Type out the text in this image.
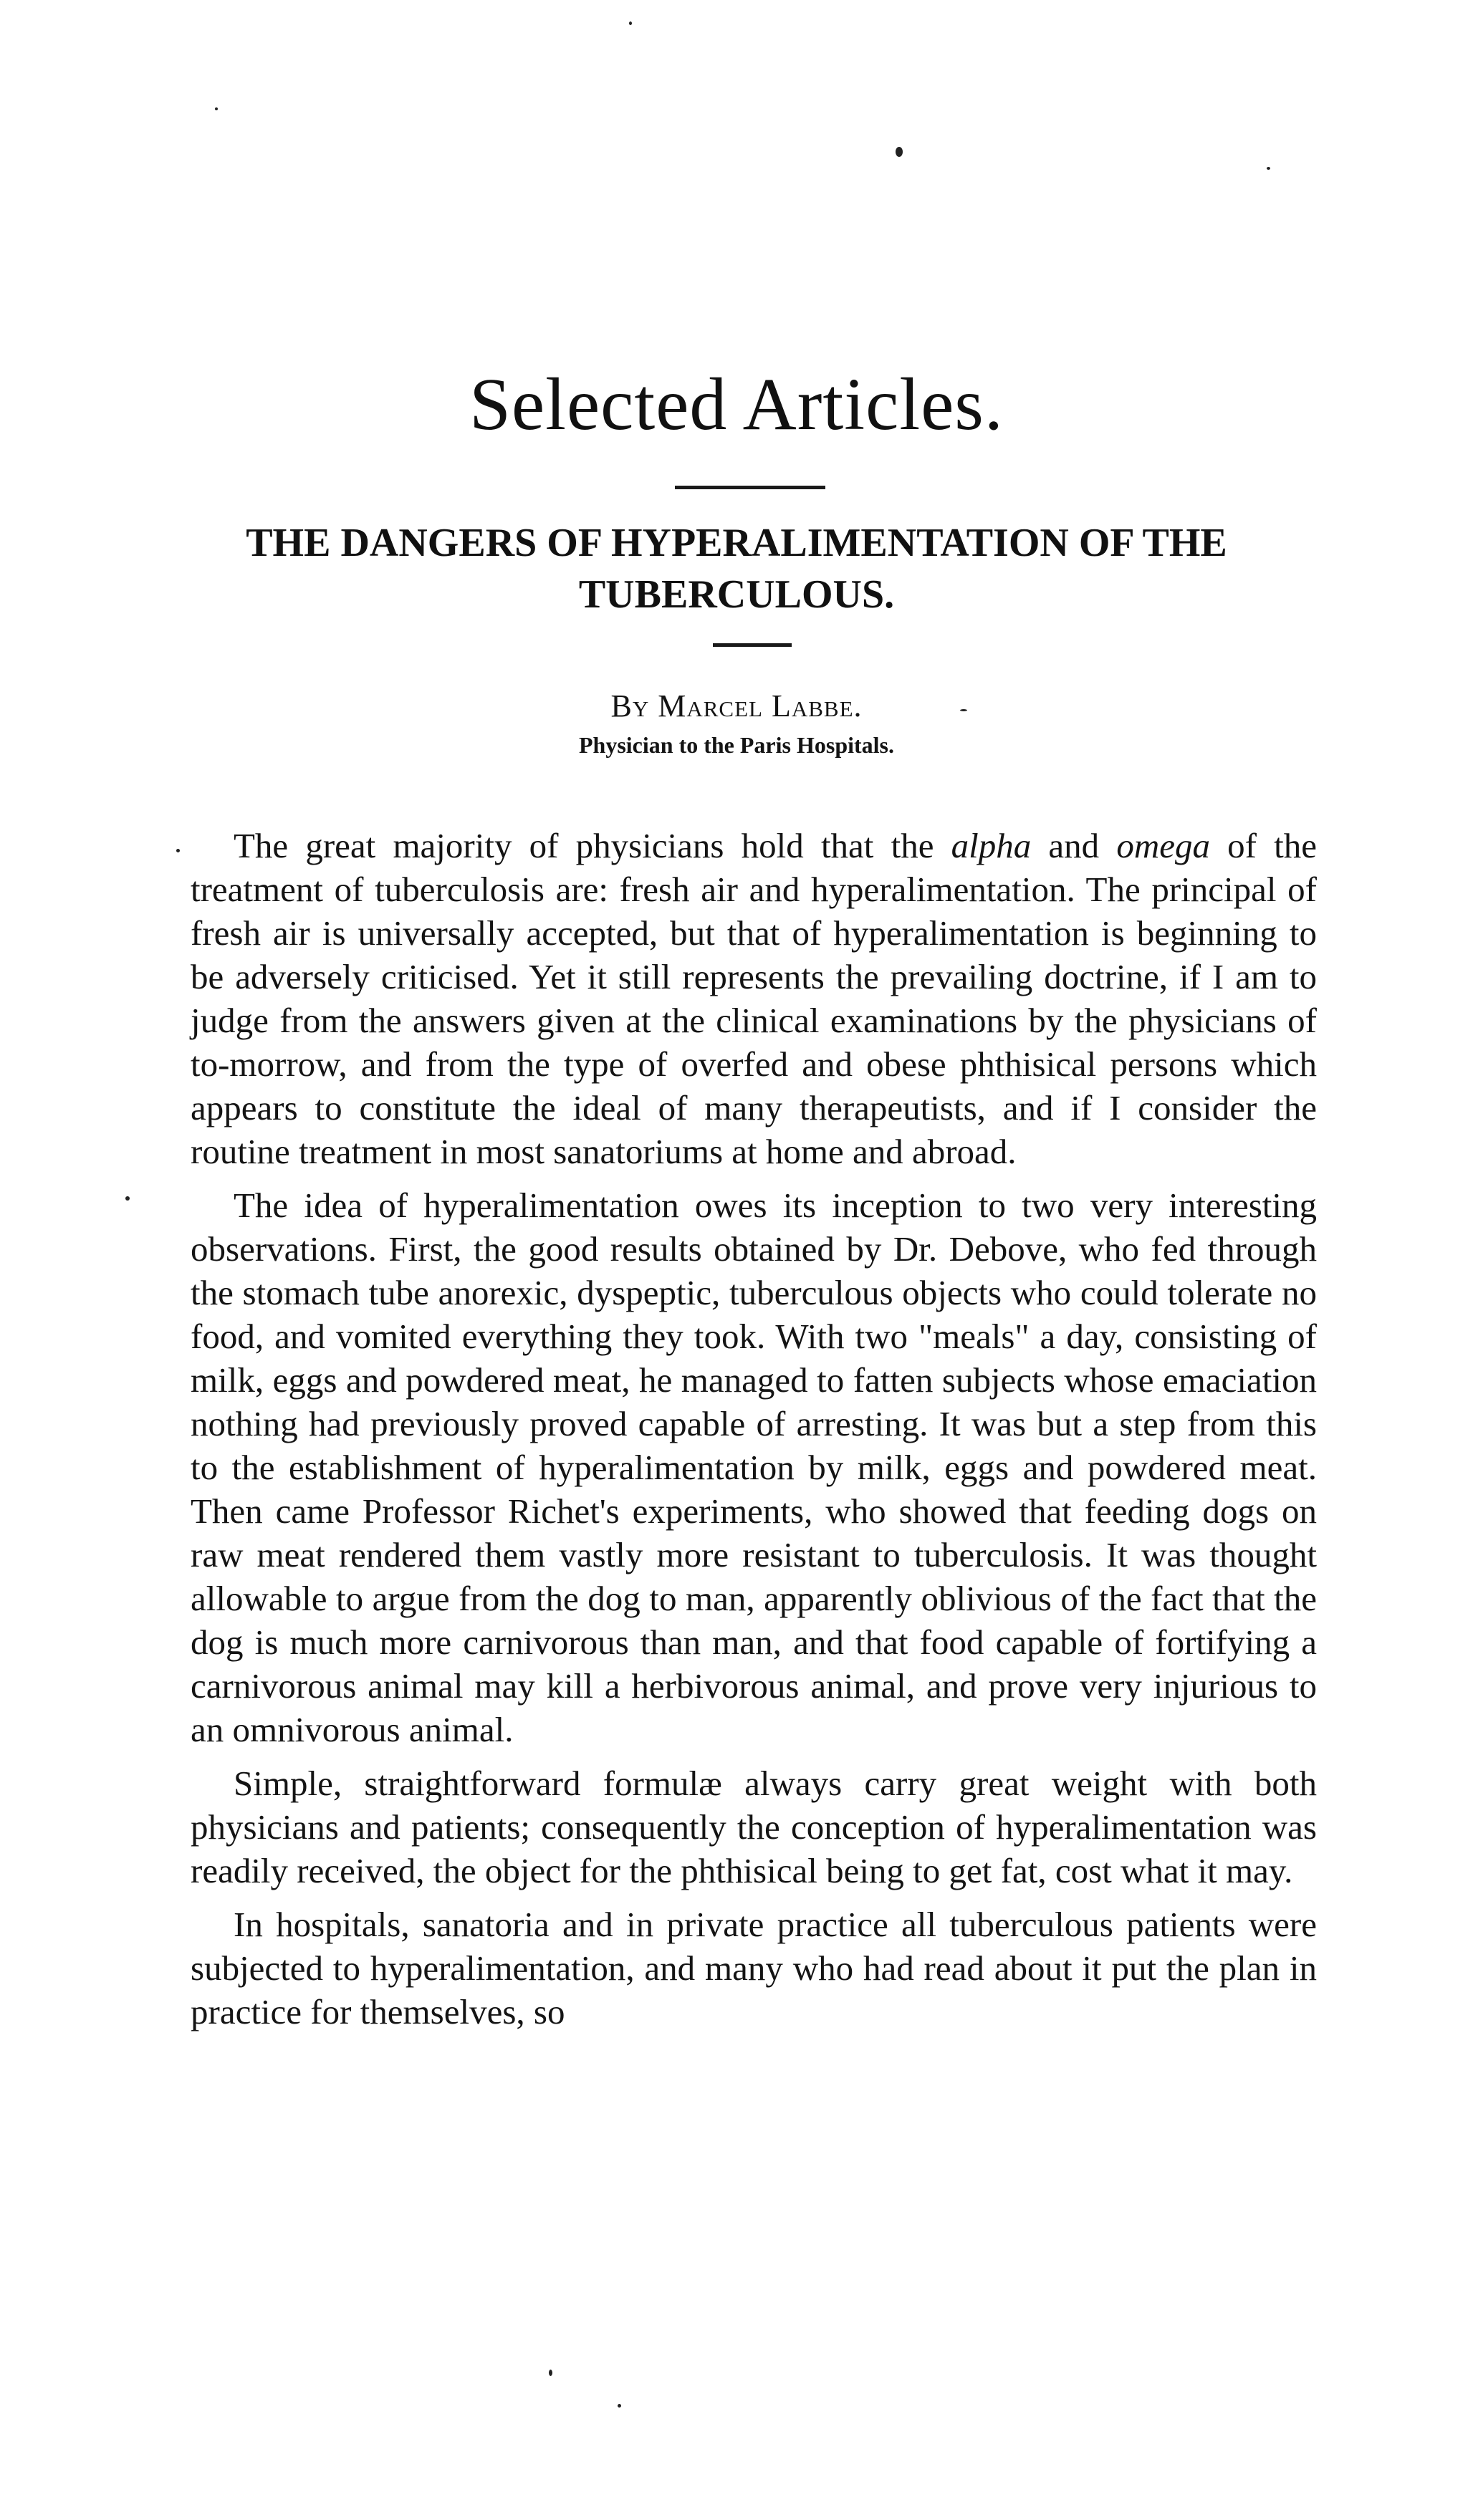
Selected Articles.
THE DANGERS OF HYPERALIMENTATION OF THE TUBERCULOUS.
By Marcel Labbe.
Physician to the Paris Hospitals.

The great majority of physicians hold that the alpha and omega of the treatment of tuberculosis are: fresh air and hyperalimentation. The principal of fresh air is universally accepted, but that of hyperalimentation is beginning to be adversely criticised. Yet it still represents the prevailing doctrine, if I am to judge from the answers given at the clinical examinations by the physicians of to-morrow, and from the type of overfed and obese phthisical persons which appears to constitute the ideal of many therapeutists, and if I consider the routine treatment in most sanatoriums at home and abroad.

The idea of hyperalimentation owes its inception to two very interesting observations. First, the good results obtained by Dr. Debove, who fed through the stomach tube anorexic, dyspeptic, tuberculous objects who could tolerate no food, and vomited everything they took. With two "meals" a day, consisting of milk, eggs and powdered meat, he managed to fatten subjects whose emaciation nothing had previously proved capable of arresting. It was but a step from this to the establishment of hyperalimentation by milk, eggs and powdered meat. Then came Professor Richet's experiments, who showed that feeding dogs on raw meat rendered them vastly more resistant to tuberculosis. It was thought allowable to argue from the dog to man, apparently oblivious of the fact that the dog is much more carnivorous than man, and that food capable of fortifying a carnivorous animal may kill a herbivorous animal, and prove very injurious to an omnivorous animal.

Simple, straightforward formulæ always carry great weight with both physicians and patients; consequently the conception of hyperalimentation was readily received, the object for the phthisical being to get fat, cost what it may.

In hospitals, sanatoria and in private practice all tuberculous patients were subjected to hyperalimentation, and many who had read about it put the plan in practice for themselves, so
